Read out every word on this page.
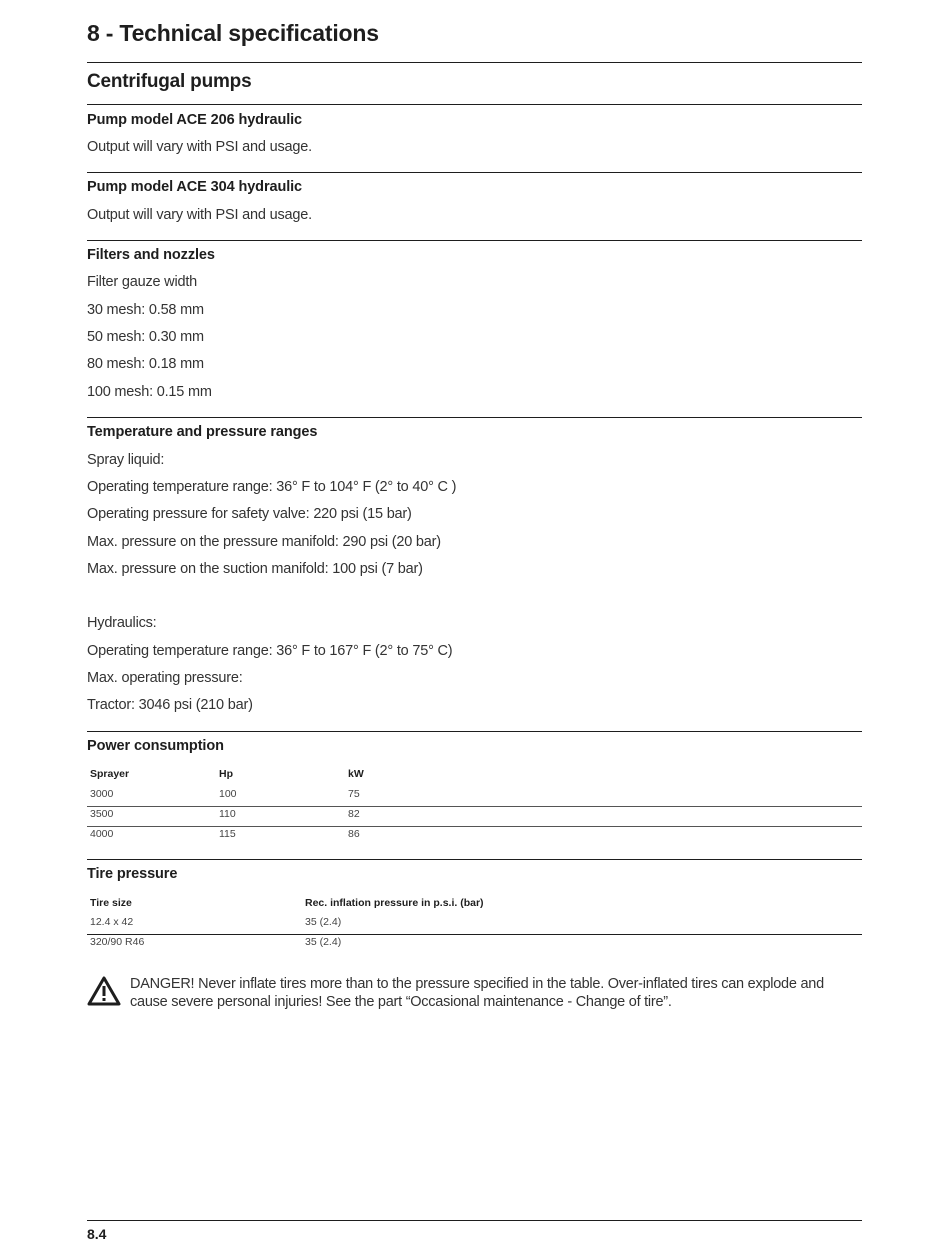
8 - Technical specifications
Centrifugal pumps
Pump model ACE 206 hydraulic
Output will vary with PSI and usage.
Pump model ACE 304 hydraulic
Output will vary with PSI and usage.
Filters and nozzles
Filter gauze width
30 mesh: 0.58 mm
50 mesh: 0.30 mm
80 mesh: 0.18 mm
100 mesh: 0.15 mm
Temperature and pressure ranges
Spray liquid:
Operating temperature range: 36° F to 104° F (2° to 40° C )
Operating pressure for safety valve: 220 psi (15 bar)
Max. pressure on the pressure manifold: 290 psi (20 bar)
Max. pressure on the suction manifold: 100 psi (7 bar)
Hydraulics:
Operating temperature range: 36° F to 167° F (2° to 75° C)
Max. operating pressure:
Tractor: 3046 psi (210 bar)
Power consumption
Sprayer	Hp	kW
3000	100	75
3500	110	82
4000	115	86
Tire pressure
Tire size	Rec. inflation pressure in p.s.i. (bar)
12.4 x 42	35 (2.4)
320/90 R46	35 (2.4)
DANGER! Never inflate tires more than to the pressure specified in the table. Over-inflated tires can explode and cause severe personal injuries! See the part “Occasional maintenance - Change of tire”.
8.4
